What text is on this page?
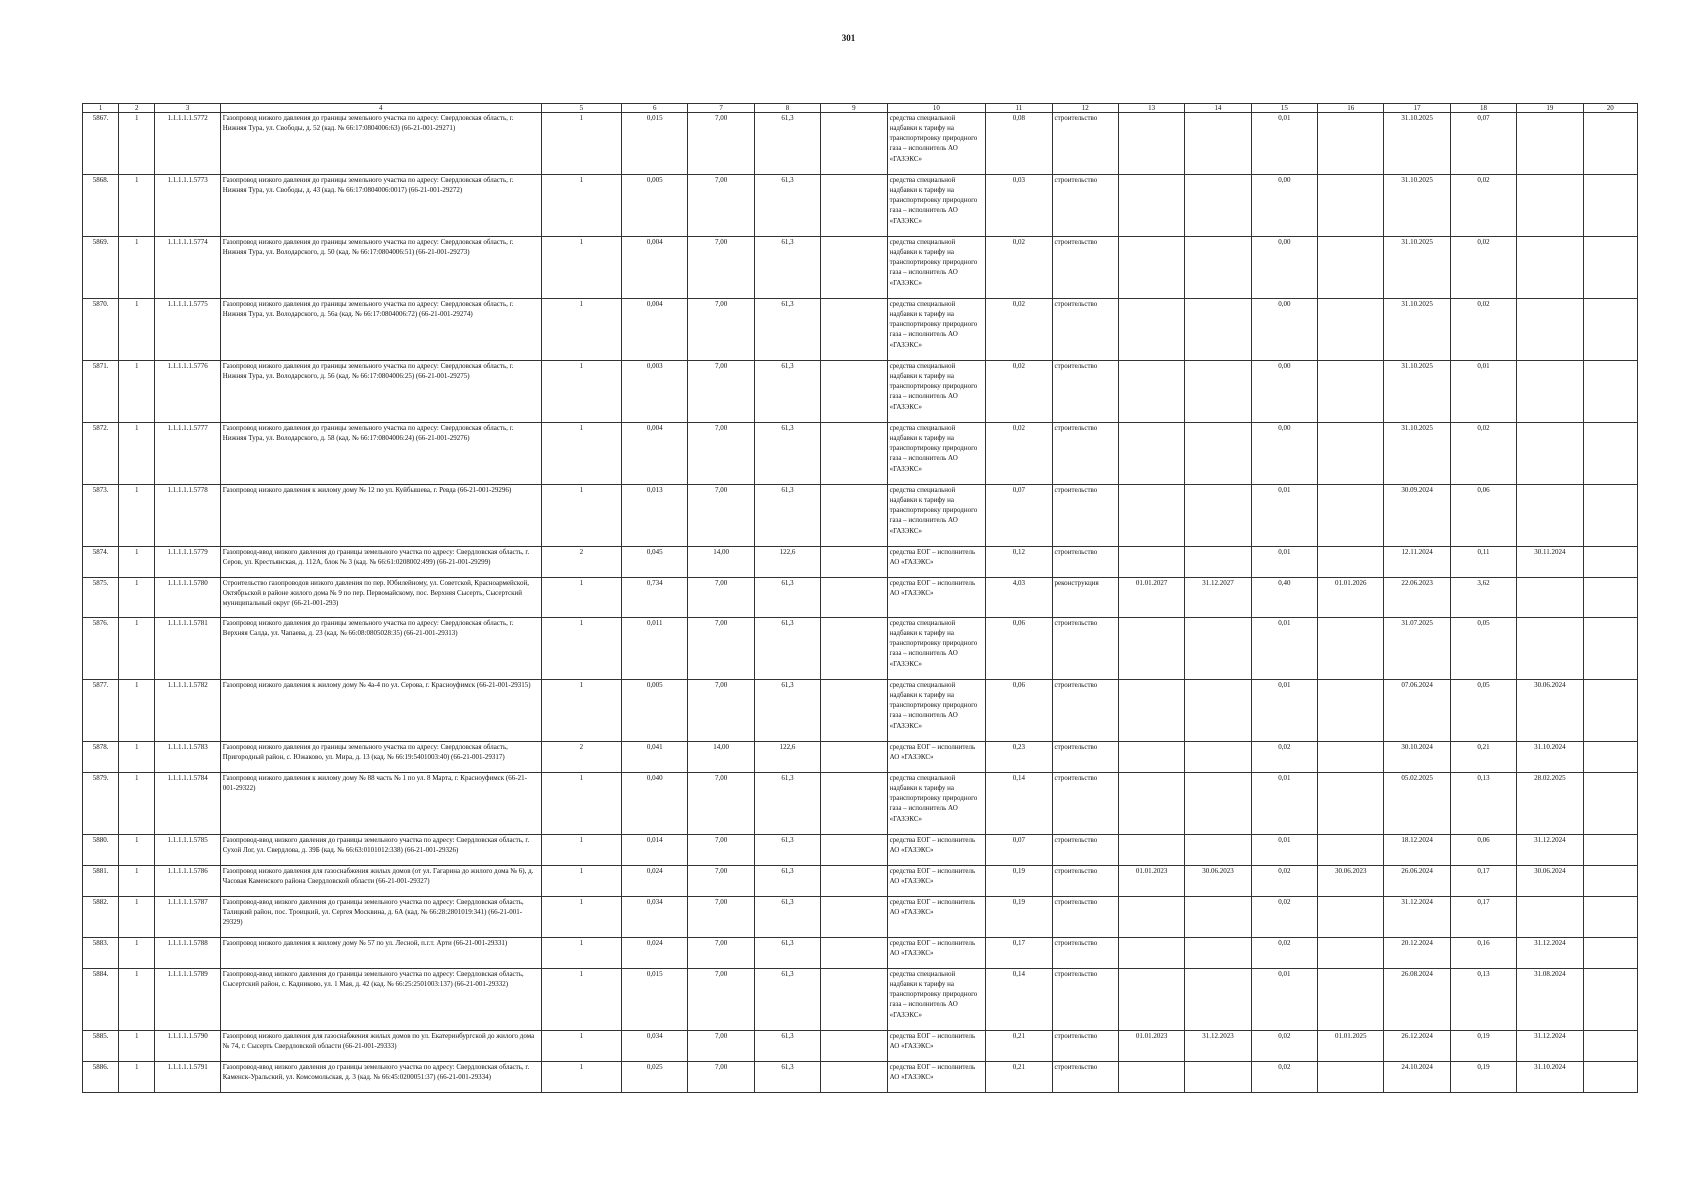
301
1	2	3	4	5	6	7	8	9	10	11	12	13	14	15	16	17	18	19	20
5867.	1	1.1.1.1.1.5772	Газопровод низкого давления до границы земельного участка по адресу: Свердловская область, г. Нижняя Тура, ул. Свободы, д. 52 (кад. № 66:17:0804006:63) (66-21-001-29271)	1	0,015	7,00	61,3		средства специальной надбавки к тарифу на транспортировку природного газа – исполнитель АО «ГАЗЭКС»	0,08	строительство			0,01		31.10.2025	0,07		
5868.	1	1.1.1.1.1.5773	Газопровод низкого давления до границы земельного участка по адресу: Свердловская область, г. Нижняя Тура, ул. Свободы, д. 43 (кад. № 66:17:0804006:0017) (66-21-001-29272)	1	0,005	7,00	61,3		средства специальной надбавки к тарифу на транспортировку природного газа – исполнитель АО «ГАЗЭКС»	0,03	строительство			0,00		31.10.2025	0,02		
5869.	1	1.1.1.1.1.5774	Газопровод низкого давления до границы земельного участка по адресу: Свердловская область, г. Нижняя Тура, ул. Володарского, д. 50 (кад. № 66:17:0804006:51) (66-21-001-29273)	1	0,004	7,00	61,3		средства специальной надбавки к тарифу на транспортировку природного газа – исполнитель АО «ГАЗЭКС»	0,02	строительство			0,00		31.10.2025	0,02		
5870.	1	1.1.1.1.1.5775	Газопровод низкого давления до границы земельного участка по адресу: Свердловская область, г. Нижняя Тура, ул. Володарского, д. 56а (кад. № 66:17:0804006:72) (66-21-001-29274)	1	0,004	7,00	61,3		средства специальной надбавки к тарифу на транспортировку природного газа – исполнитель АО «ГАЗЭКС»	0,02	строительство			0,00		31.10.2025	0,02		
5871.	1	1.1.1.1.1.5776	Газопровод низкого давления до границы земельного участка по адресу: Свердловская область, г. Нижняя Тура, ул. Володарского, д. 56 (кад. № 66:17:0804006:25) (66-21-001-29275)	1	0,003	7,00	61,3		средства специальной надбавки к тарифу на транспортировку природного газа – исполнитель АО «ГАЗЭКС»	0,02	строительство			0,00		31.10.2025	0,01		
5872.	1	1.1.1.1.1.5777	Газопровод низкого давления до границы земельного участка по адресу: Свердловская область, г. Нижняя Тура, ул. Володарского, д. 58 (кад. № 66:17:0804006:24) (66-21-001-29276)	1	0,004	7,00	61,3		средства специальной надбавки к тарифу на транспортировку природного газа – исполнитель АО «ГАЗЭКС»	0,02	строительство			0,00		31.10.2025	0,02		
5873.	1	1.1.1.1.1.5778	Газопровод низкого давления к жилому дому № 12 по ул. Куйбышева, г. Ревда (66-21-001-29296)	1	0,013	7,00	61,3		средства специальной надбавки к тарифу на транспортировку природного газа – исполнитель АО «ГАЗЭКС»	0,07	строительство			0,01		30.09.2024	0,06		
5874.	1	1.1.1.1.1.5779	Газопровод-ввод низкого давления до границы земельного участка по адресу: Свердловская область, г. Серов, ул. Крестьянская, д. 112А, блок № 3 (кад. № 66:61:0208002:499) (66-21-001-29299)	2	0,045	14,00	122,6		средства ЕОГ – исполнитель АО «ГАЗЭКС»	0,12	строительство			0,01		12.11.2024	0,11	30.11.2024	
5875.	1	1.1.1.1.1.5780	Строительство газопроводов низкого давления по пер. Юбилейному, ул. Советской, Красноармейской, Октябрьской в районе жилого дома № 9 по пер. Первомайскому, пос. Верхняя Сысерть, Сысертский муниципальный округ (66-21-001-293)	1	0,734	7,00	61,3		средства ЕОГ – исполнитель АО «ГАЗЭКС»	4,03	реконструкция	01.01.2027	31.12.2027	0,40	01.01.2026	22.06.2023	3,62		
5876.	1	1.1.1.1.1.5781	Газопровод низкого давления до границы земельного участка по адресу: Свердловская область, г. Верхняя Салда, ул. Чапаева, д. 23 (кад. № 66:08:0805028:35) (66-21-001-29313)	1	0,011	7,00	61,3		средства специальной надбавки к тарифу на транспортировку природного газа – исполнитель АО «ГАЗЭКС»	0,06	строительство			0,01		31.07.2025	0,05		
5877.	1	1.1.1.1.1.5782	Газопровод низкого давления к жилому дому № 4а-4 по ул. Серова, г. Красноуфимск (66-21-001-29315)	1	0,005	7,00	61,3		средства специальной надбавки к тарифу на транспортировку природного газа – исполнитель АО «ГАЗЭКС»	0,06	строительство			0,01		07.06.2024	0,05	30.06.2024	
5878.	1	1.1.1.1.1.5783	Газопровод низкого давления до границы земельного участка по адресу: Свердловская область, Пригородный район, с. Южаково, ул. Мира, д. 13 (кад. № 66:19:5401003:40) (66-21-001-29317)	2	0,041	14,00	122,6		средства ЕОГ – исполнитель АО «ГАЗЭКС»	0,23	строительство			0,02		30.10.2024	0,21	31.10.2024	
5879.	1	1.1.1.1.1.5784	Газопровод низкого давления к жилому дому № 88 часть № 1 по ул. 8 Марта, г. Красноуфимск (66-21-001-29322)	1	0,040	7,00	61,3		средства специальной надбавки к тарифу на транспортировку природного газа – исполнитель АО «ГАЗЭКС»	0,14	строительство			0,01		05.02.2025	0,13	28.02.2025	
5880.	1	1.1.1.1.1.5785	Газопровод-ввод низкого давления до границы земельного участка по адресу: Свердловская область, г. Сухой Лог, ул. Свердлова, д. 39Б (кад. № 66:63:0101012:338) (66-21-001-29326)	1	0,014	7,00	61,3		средства ЕОГ – исполнитель АО «ГАЗЭКС»	0,07	строительство			0,01		18.12.2024	0,06	31.12.2024	
5881.	1	1.1.1.1.1.5786	Газопровод низкого давления для газоснабжения жилых домов (от ул. Гагарина до жилого дома № 6), д. Часовая Каменского района Свердловской области (66-21-001-29327)	1	0,024	7,00	61,3		средства ЕОГ – исполнитель АО «ГАЗЭКС»	0,19	строительство	01.01.2023	30.06.2023	0,02	30.06.2023	26.06.2024	0,17	30.06.2024	
5882.	1	1.1.1.1.1.5787	Газопровод-ввод низкого давления до границы земельного участка по адресу: Свердловская область, Талицкий район, пос. Троицкий, ул. Сергея Москвина, д. 6А (кад. № 66:28:2801019:341) (66-21-001-29329)	1	0,034	7,00	61,3		средства ЕОГ – исполнитель АО «ГАЗЭКС»	0,19	строительство			0,02		31.12.2024	0,17		
5883.	1	1.1.1.1.1.5788	Газопровод низкого давления к жилому дому № 57 по ул. Лесной, п.г.т. Арти (66-21-001-29331)	1	0,024	7,00	61,3		средства ЕОГ – исполнитель АО «ГАЗЭКС»	0,17	строительство			0,02		20.12.2024	0,16	31.12.2024	
5884.	1	1.1.1.1.1.5789	Газопровод-ввод низкого давления до границы земельного участка по адресу: Свердловская область, Сысертский район, с. Кадниково, ул. 1 Мая, д. 42 (кад. № 66:25:2501003:137) (66-21-001-29332)	1	0,015	7,00	61,3		средства специальной надбавки к тарифу на транспортировку природного газа – исполнитель АО «ГАЗЭКС»	0,14	строительство			0,01		26.08.2024	0,13	31.08.2024	
5885.	1	1.1.1.1.1.5790	Газопровод низкого давления для газоснабжения жилых домов по ул. Екатеринбургской до жилого дома № 74, г. Сысерть Свердловской области (66-21-001-29333)	1	0,034	7,00	61,3		средства ЕОГ – исполнитель АО «ГАЗЭКС»	0,21	строительство	01.01.2023	31.12.2023	0,02	01.01.2025	26.12.2024	0,19	31.12.2024	
5886.	1	1.1.1.1.1.5791	Газопровод-ввод низкого давления до границы земельного участка по адресу: Свердловская область, г. Каменск-Уральский, ул. Комсомольская, д. 3 (кад. № 66:45:0200051:37) (66-21-001-29334)	1	0,025	7,00	61,3		средства ЕОГ – исполнитель АО «ГАЗЭКС»	0,21	строительство			0,02		24.10.2024	0,19	31.10.2024	
